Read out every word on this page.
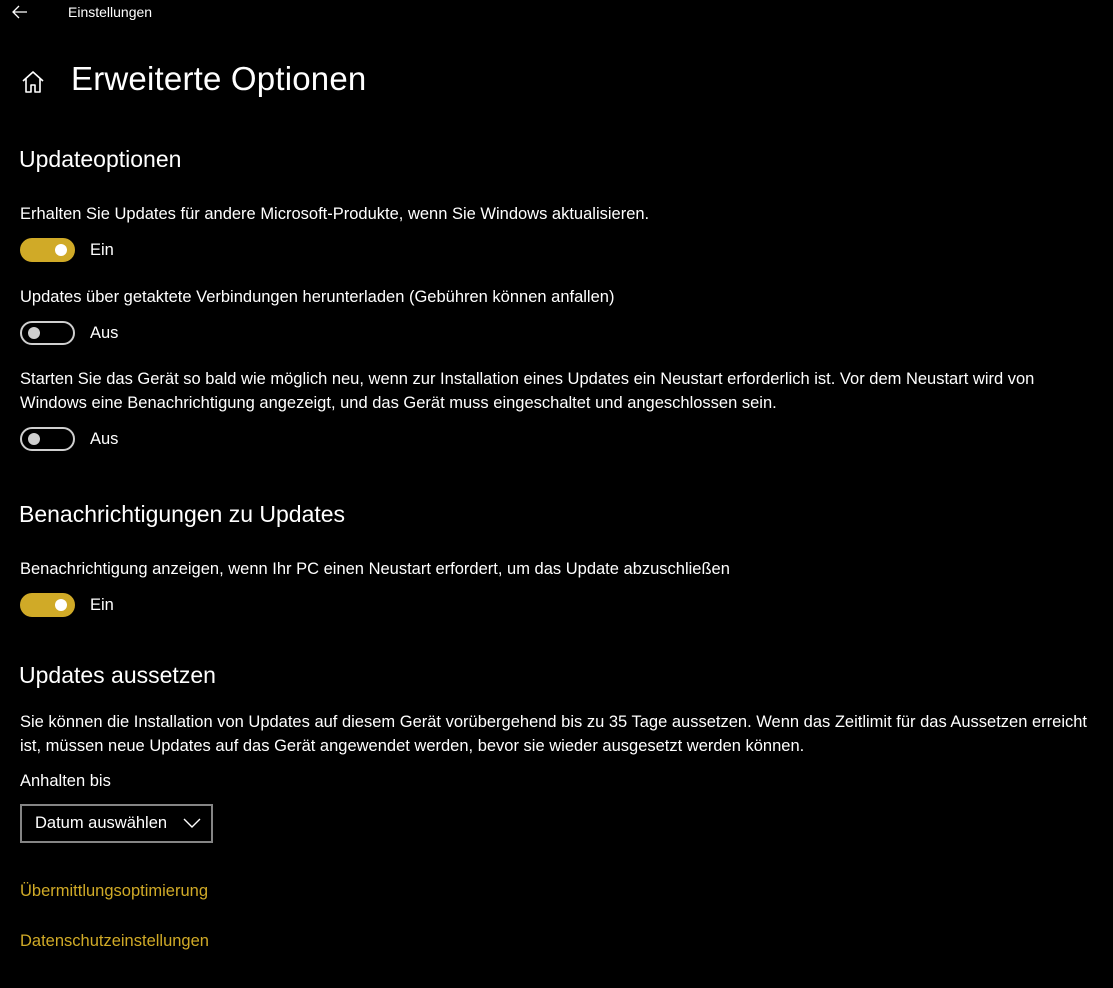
Einstellungen
Erweiterte Optionen
Updateoptionen

Erhalten Sie Updates für andere Microsoft-Produkte, wenn Sie Windows aktualisieren.

Ein

Updates über getaktete Verbindungen herunterladen (Gebühren können anfallen)

Aus

Starten Sie das Gerät so bald wie möglich neu, wenn zur Installation eines Updates ein Neustart erforderlich ist. Vor dem Neustart wird von Windows eine Benachrichtigung angezeigt, und das Gerät muss eingeschaltet und angeschlossen sein.

Aus
Benachrichtigungen zu Updates

Benachrichtigung anzeigen, wenn Ihr PC einen Neustart erfordert, um das Update abzuschließen

Ein
Updates aussetzen

Sie können die Installation von Updates auf diesem Gerät vorübergehend bis zu 35 Tage aussetzen. Wenn das Zeitlimit für das Aussetzen erreicht ist, müssen neue Updates auf das Gerät angewendet werden, bevor sie wieder ausgesetzt werden können.

Anhalten bis

Datum auswählen
Übermittlungsoptimierung
Datenschutzeinstellungen
